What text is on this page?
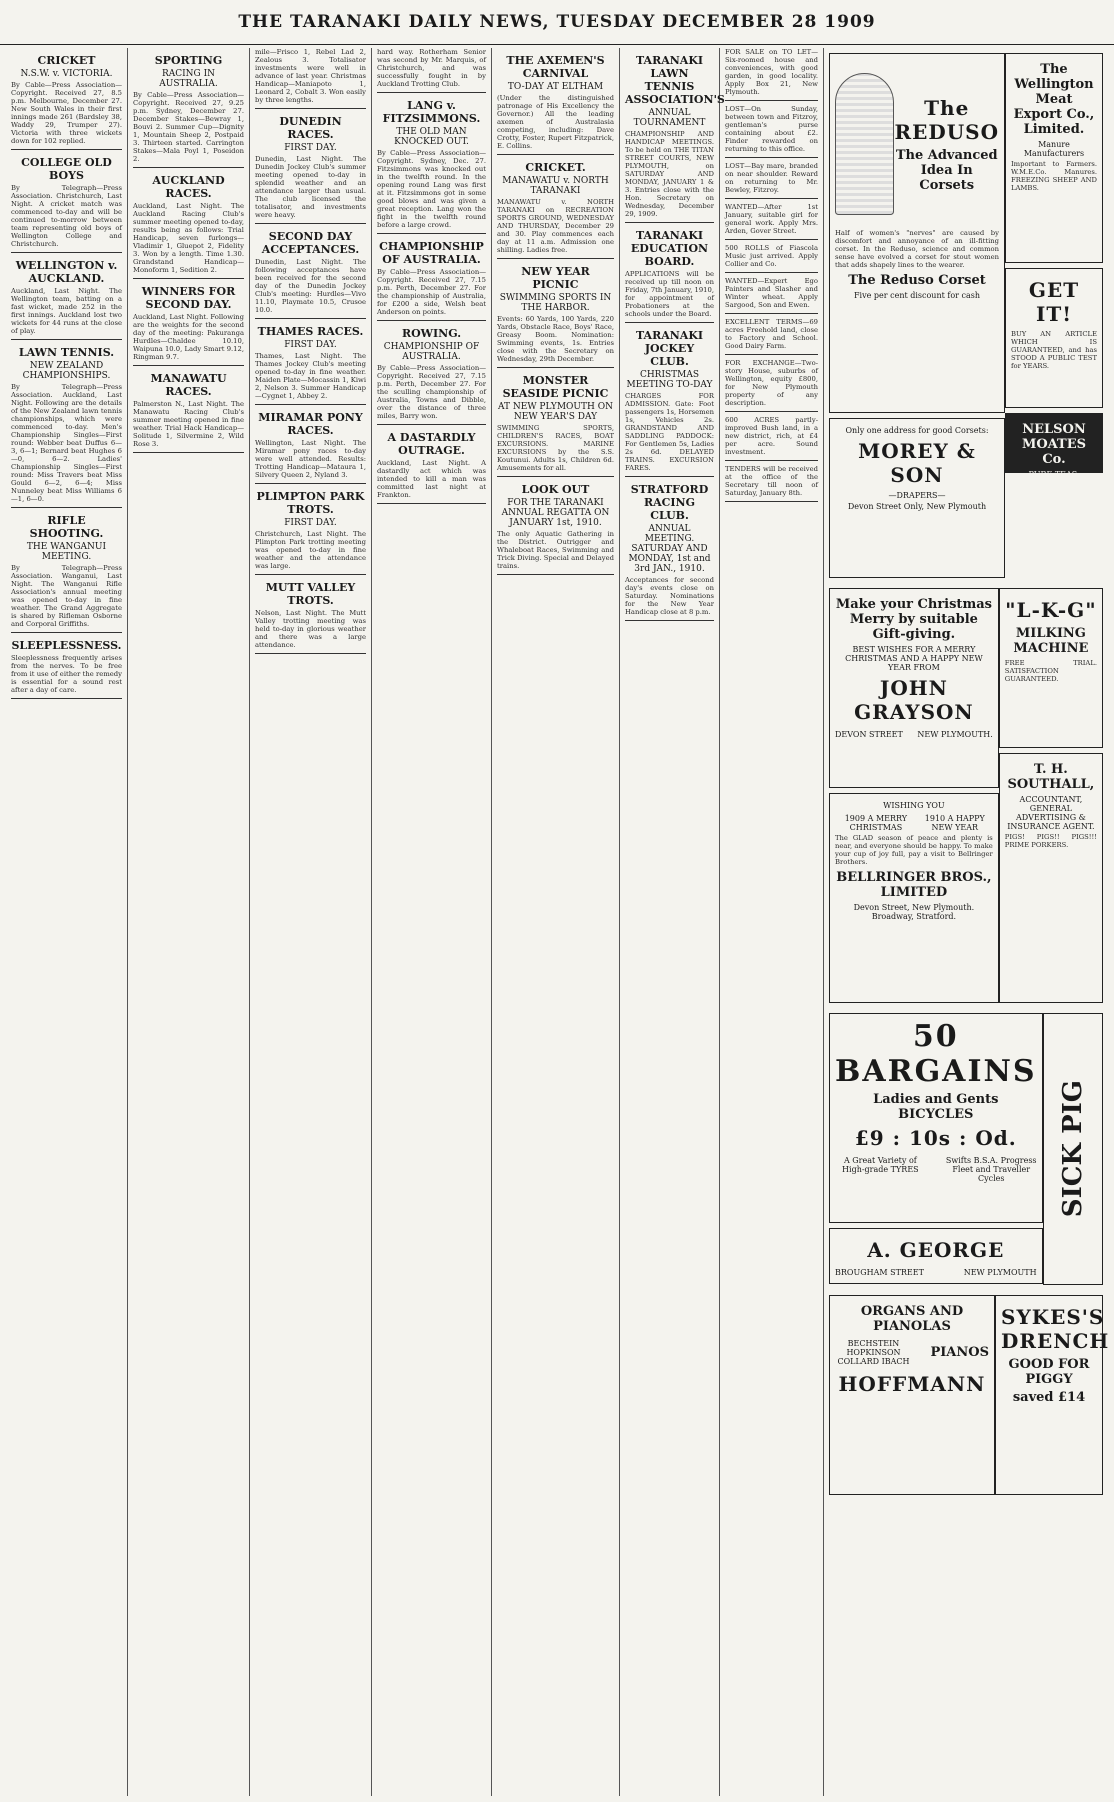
THE TARANAKI DAILY NEWS, TUESDAY DECEMBER 28 1909
CRICKET
N.S.W. v. VICTORIA.
By Cable—Press Association—Copyright. Received 27, 8.5 p.m. Melbourne, December 27. New South Wales in their first innings made 261 (Bardsley 38, Waddy 29, Trumper 27). Victoria with three wickets down for 102 replied.
COLLEGE OLD BOYS
By Telegraph—Press Association. Christchurch, Last Night. A cricket match was commenced to-day and will be continued to-morrow between team representing old boys of Wellington College and Christchurch.
WELLINGTON v. AUCKLAND.
Auckland, Last Night. The Wellington team, batting on a fast wicket, made 252 in the first innings. Auckland lost two wickets for 44 runs at the close of play.
LAWN TENNIS.
NEW ZEALAND CHAMPIONSHIPS.
By Telegraph—Press Association. Auckland, Last Night. Following are the details of the New Zealand lawn tennis championships, which were commenced to-day. Men's Championship Singles—First round: Webber beat Duffus 6—3, 6—1; Bernard beat Hughes 6—0, 6—2. Ladies' Championship Singles—First round: Miss Travers beat Miss Gould 6—2, 6—4; Miss Nunneley beat Miss Williams 6—1, 6—0.
RIFLE SHOOTING.
THE WANGANUI MEETING.
By Telegraph—Press Association. Wanganui, Last Night. The Wanganui Rifle Association's annual meeting was opened to-day in fine weather. The Grand Aggregate is shared by Rifleman Osborne and Corporal Griffiths.
SLEEPLESSNESS.
Sleeplessness frequently arises from the nerves. To be free from it use of either the remedy is essential for a sound rest after a day of care.
SPORTING
RACING IN AUSTRALIA.
By Cable—Press Association—Copyright. Received 27, 9.25 p.m. Sydney, December 27. December Stakes—Bewray 1, Bouvi 2. Summer Cup—Dignity 1, Mountain Sheep 2, Postpaid 3. Thirteen started. Carrington Stakes—Mala Poyl 1, Poseidon 2.
AUCKLAND RACES.
Auckland, Last Night. The Auckland Racing Club's summer meeting opened to-day, results being as follows: Trial Handicap, seven furlongs—Vladimir 1, Gluepot 2, Fidelity 3. Won by a length. Time 1.30. Grandstand Handicap—Monoform 1, Sedition 2.
WINNERS FOR SECOND DAY.
Auckland, Last Night. Following are the weights for the second day of the meeting: Pakuranga Hurdles—Chaldee 10.10, Waipuna 10.0, Lady Smart 9.12, Ringman 9.7.
MANAWATU RACES.
Palmerston N., Last Night. The Manawatu Racing Club's summer meeting opened in fine weather. Trial Hack Handicap—Solitude 1, Silvermine 2, Wild Rose 3.
mile—Frisco 1, Rebel Lad 2, Zealous 3. Totalisator investments were well in advance of last year. Christmas Handicap—Maniapoto 1, Leonard 2, Cobalt 3. Won easily by three lengths.
DUNEDIN RACES.
FIRST DAY.
Dunedin, Last Night. The Dunedin Jockey Club's summer meeting opened to-day in splendid weather and an attendance larger than usual. The club licensed the totalisator, and investments were heavy.
SECOND DAY ACCEPTANCES.
Dunedin, Last Night. The following acceptances have been received for the second day of the Dunedin Jockey Club's meeting: Hurdles—Vivo 11.10, Playmate 10.5, Crusoe 10.0.
THAMES RACES.
FIRST DAY.
Thames, Last Night. The Thames Jockey Club's meeting opened to-day in fine weather. Maiden Plate—Mocassin 1, Kiwi 2, Nelson 3. Summer Handicap—Cygnet 1, Abbey 2.
MIRAMAR PONY RACES.
Wellington, Last Night. The Miramar pony races to-day were well attended. Results: Trotting Handicap—Mataura 1, Silvery Queen 2, Nyland 3.
PLIMPTON PARK TROTS.
FIRST DAY.
Christchurch, Last Night. The Plimpton Park trotting meeting was opened to-day in fine weather and the attendance was large.
MUTT VALLEY TROTS.
Nelson, Last Night. The Mutt Valley trotting meeting was held to-day in glorious weather and there was a large attendance.
hard way. Rotherham Senior was second by Mr. Marquis, of Christchurch, and was successfully fought in by Auckland Trotting Club.
LANG v. FITZSIMMONS.
THE OLD MAN KNOCKED OUT.
By Cable—Press Association—Copyright. Sydney, Dec. 27. Fitzsimmons was knocked out in the twelfth round. In the opening round Lang was first at it. Fitzsimmons got in some good blows and was given a great reception. Lang won the fight in the twelfth round before a large crowd.
CHAMPIONSHIP OF AUSTRALIA.
By Cable—Press Association—Copyright. Received 27, 7.15 p.m. Perth, December 27. For the championship of Australia, for £200 a side, Welsh beat Anderson on points.
ROWING.
CHAMPIONSHIP OF AUSTRALIA.
By Cable—Press Association—Copyright. Received 27, 7.15 p.m. Perth, December 27. For the sculling championship of Australia, Towns and Dibble, over the distance of three miles, Barry won.
A DASTARDLY OUTRAGE.
Auckland, Last Night. A dastardly act which was intended to kill a man was committed last night at Frankton.
THE AXEMEN'S CARNIVAL
TO-DAY AT ELTHAM
(Under the distinguished patronage of His Excellency the Governor.) All the leading axemen of Australasia competing, including: Dave Crotty, Foster, Rupert Fitzpatrick, E. Collins.
CRICKET.
MANAWATU v. NORTH TARANAKI
MANAWATU v. NORTH TARANAKI on RECREATION SPORTS GROUND, WEDNESDAY AND THURSDAY, December 29 and 30. Play commences each day at 11 a.m. Admission one shilling. Ladies free.
NEW YEAR PICNIC
SWIMMING SPORTS IN THE HARBOR.
Events: 60 Yards, 100 Yards, 220 Yards, Obstacle Race, Boys' Race, Greasy Boom. Nomination: Swimming events, 1s. Entries close with the Secretary on Wednesday, 29th December.
MONSTER SEASIDE PICNIC
AT NEW PLYMOUTH ON NEW YEAR'S DAY
SWIMMING SPORTS, CHILDREN'S RACES, BOAT EXCURSIONS. MARINE EXCURSIONS by the S.S. Koutunui. Adults 1s, Children 6d. Amusements for all.
LOOK OUT
FOR THE TARANAKI ANNUAL REGATTA ON JANUARY 1st, 1910.
The only Aquatic Gathering in the District. Outrigger and Whaleboat Races, Swimming and Trick Diving. Special and Delayed trains.
TARANAKI LAWN TENNIS ASSOCIATION'S
ANNUAL TOURNAMENT
CHAMPIONSHIP AND HANDICAP MEETINGS. To be held on THE TITAN STREET COURTS, NEW PLYMOUTH, on SATURDAY AND MONDAY, JANUARY 1 & 3. Entries close with the Hon. Secretary on Wednesday, December 29, 1909.
TARANAKI EDUCATION BOARD.
APPLICATIONS will be received up till noon on Friday, 7th January, 1910, for appointment of Probationers at the schools under the Board.
TARANAKI JOCKEY CLUB.
CHRISTMAS MEETING TO-DAY
CHARGES FOR ADMISSION. Gate: Foot passengers 1s, Horsemen 1s, Vehicles 2s. GRANDSTAND AND SADDLING PADDOCK: For Gentlemen 5s, Ladies 2s 6d. DELAYED TRAINS. EXCURSION FARES.
STRATFORD RACING CLUB.
ANNUAL MEETING. SATURDAY AND MONDAY, 1st and 3rd JAN., 1910.
Acceptances for second day's events close on Saturday. Nominations for the New Year Handicap close at 8 p.m.
FOR SALE on TO LET—Six-roomed house and conveniences, with good garden, in good locality. Apply Box 21, New Plymouth.
LOST—On Sunday, between town and Fitzroy, gentleman's purse containing about £2. Finder rewarded on returning to this office.
LOST—Bay mare, branded on near shoulder. Reward on returning to Mr. Bewley, Fitzroy.
WANTED—After 1st January, suitable girl for general work. Apply Mrs. Arden, Gover Street.
500 ROLLS of Fiascola Music just arrived. Apply Collier and Co.
WANTED—Expert Ego Painters and Slasher and Winter wheat. Apply Sargood, Son and Ewen.
EXCELLENT TERMS—69 acres Freehold land, close to Factory and School. Good Dairy Farm.
FOR EXCHANGE—Two-story House, suburbs of Wellington, equity £800, for New Plymouth property of any description.
600 ACRES partly-improved Bush land, in a new district, rich, at £4 per acre. Sound investment.
TENDERS will be received at the office of the Secretary till noon of Saturday, January 8th.
The REDUSO
The Advanced Idea In Corsets
Half of women's "nerves" are caused by discomfort and annoyance of an ill-fitting corset. In the Reduso, science and common sense have evolved a corset for stout women that adds shapely lines to the wearer.
The Reduso Corset
Five per cent discount for cash
Only one address for good Corsets:
MOREY & SON
—DRAPERS—
Devon Street Only, New Plymouth
The Wellington Meat Export Co., Limited.
Manure Manufacturers
Important to Farmers. W.M.E.Co. Manures. FREEZING SHEEP AND LAMBS.
GET IT!
BUY AN ARTICLE WHICH IS GUARANTEED, and has STOOD A PUBLIC TEST for YEARS.
NELSON MOATES Co.
PURE TEAS.
Make your Christmas Merry by suitable Gift-giving.
BEST WISHES FOR A MERRY CHRISTMAS AND A HAPPY NEW YEAR FROM
JOHN GRAYSON
DEVON STREET NEW PLYMOUTH.
WISHING YOU
1909 A MERRY CHRISTMAS
1910 A HAPPY NEW YEAR
The GLAD season of peace and plenty is near, and everyone should be happy. To make your cup of joy full, pay a visit to Bellringer Brothers.
BELLRINGER BROS., LIMITED
Devon Street, New Plymouth. Broadway, Stratford.
"L-K-G"
MILKING MACHINE
FREE TRIAL. SATISFACTION GUARANTEED.
T. H. SOUTHALL,
ACCOUNTANT, GENERAL ADVERTISING & INSURANCE AGENT.
PIGS! PIGS!! PIGS!!! PRIME PORKERS.
50 BARGAINS
Ladies and Gents BICYCLES
£9 : 10s : Od.
A Great Variety of High-grade TYRES
Swifts B.S.A. Progress Fleet and Traveller Cycles
A. GEORGE
BROUGHAM STREET	NEW PLYMOUTH
SICK PIG
ORGANS AND PIANOLAS
BECHSTEIN HOPKINSON COLLARD IBACH
PIANOS
HOFFMANN
SYKES'S DRENCH
GOOD FOR PIGGY
saved £14
